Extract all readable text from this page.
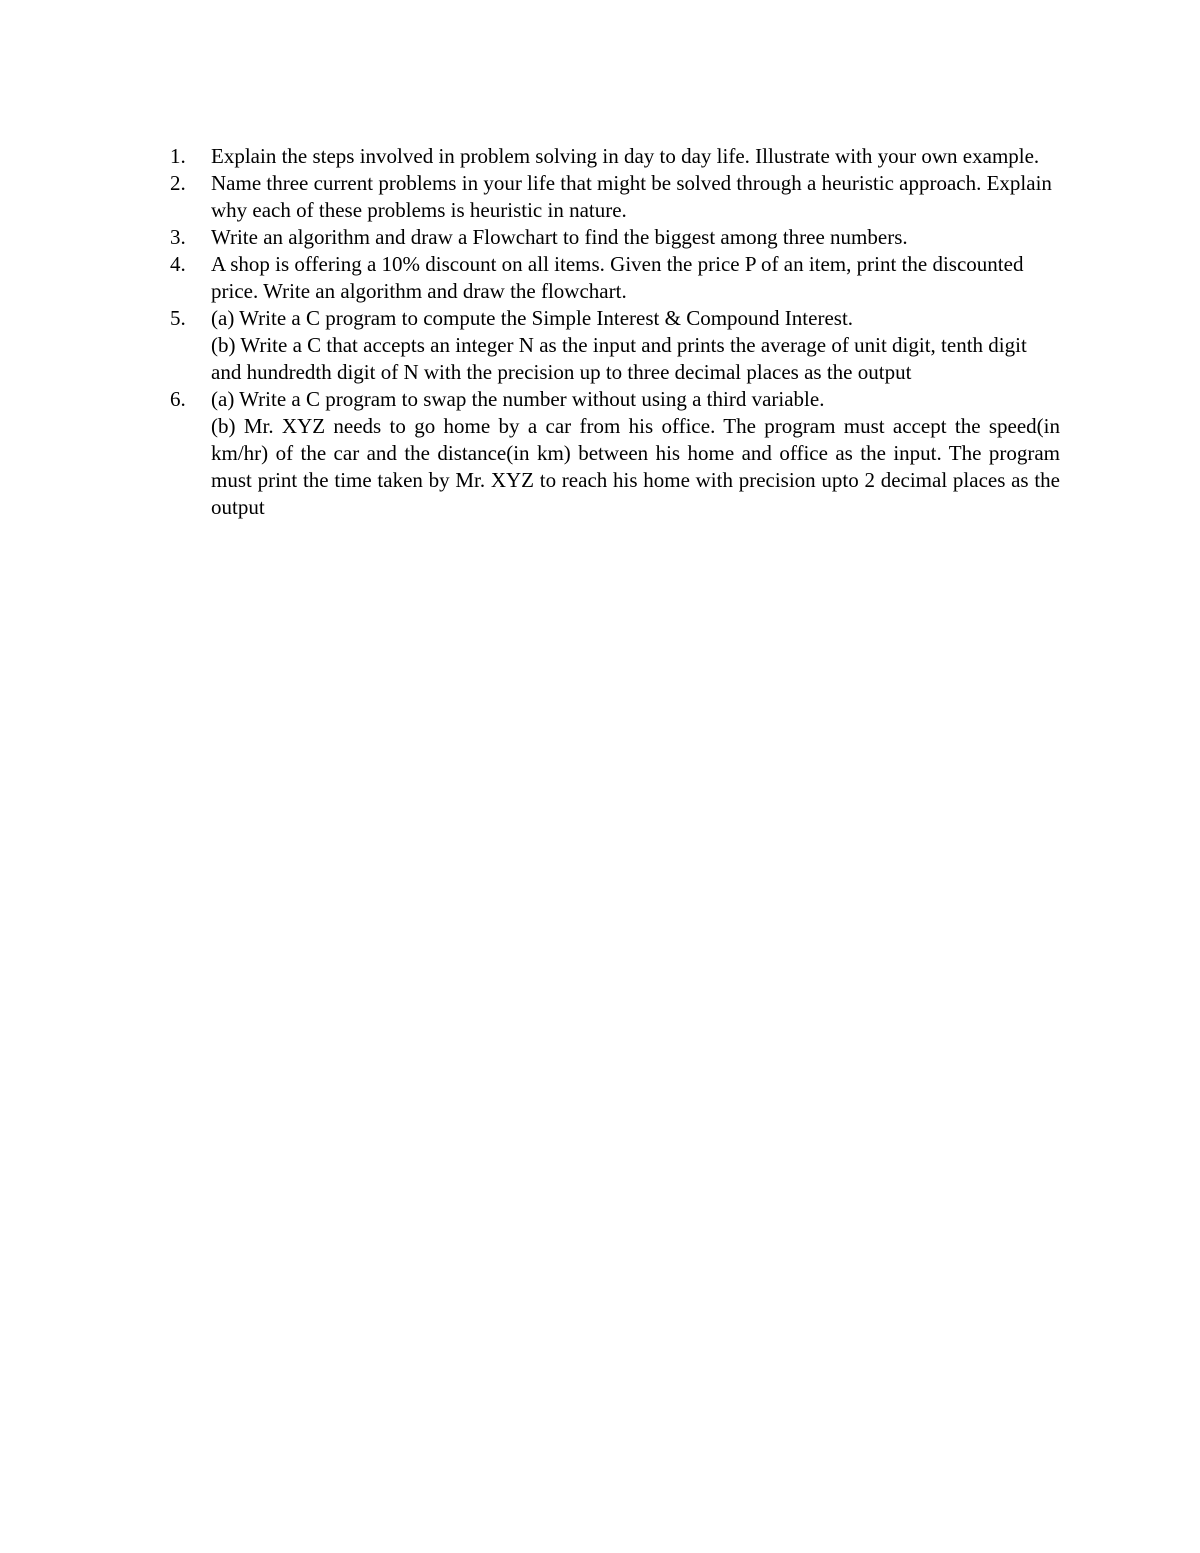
1.	Explain the steps involved in problem solving in day to day life. Illustrate with your own example.
2.	Name three current problems in your life that might be solved through a heuristic approach. Explain why each of these problems is heuristic in nature.
3.	Write an algorithm and draw a Flowchart to find the biggest among three numbers.
4.	A shop is offering a 10% discount on all items. Given the price P of an item, print the discounted price. Write an algorithm and draw the flowchart.
5.	(a) Write a C program to compute the Simple Interest & Compound Interest.
(b) Write a C that accepts an integer N as the input and prints the average of unit digit, tenth digit and hundredth digit of N with the precision up to three decimal places as the output
6.	(a) Write a C program to swap the number without using a third variable.
(b) Mr. XYZ needs to go home by a car from his office. The program must accept the speed(in km/hr) of the car and the distance(in km) between his home and office as the input. The program must print the time taken by Mr. XYZ to reach his home with precision upto 2 decimal places as the output
